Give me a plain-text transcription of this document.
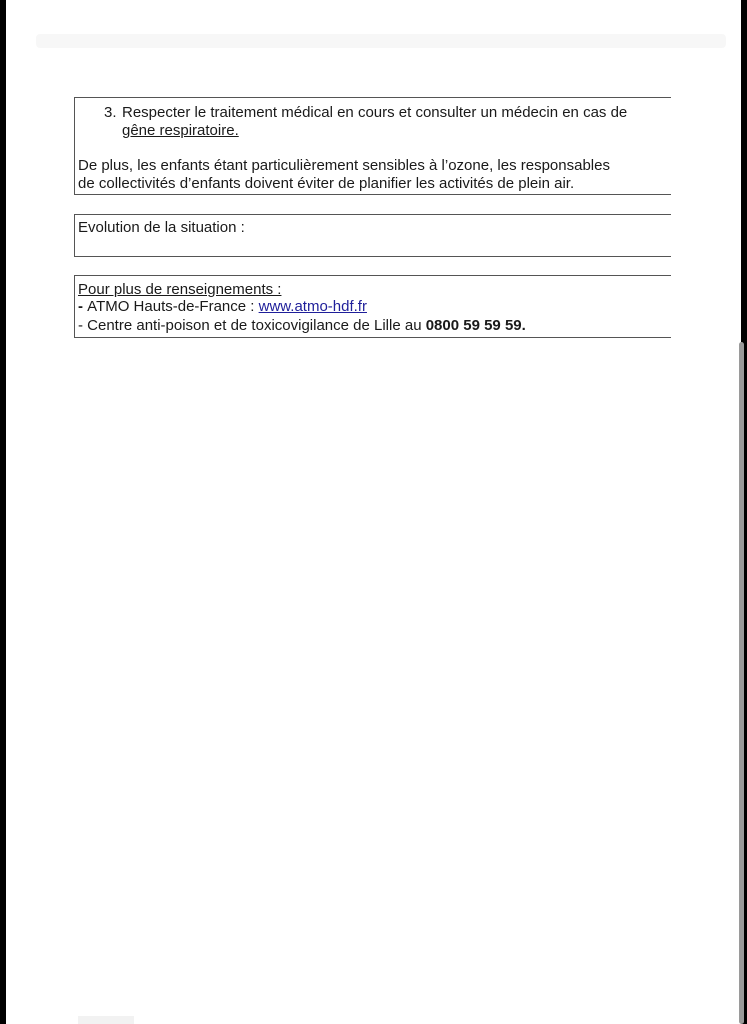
3. Respecter le traitement médical en cours et consulter un médecin en cas de
gêne respiratoire.
De plus, les enfants étant particulièrement sensibles à l’ozone, les responsables
de collectivités d’enfants doivent éviter de planifier les activités de plein air.
Evolution de la situation :
Pour plus de renseignements :
- ATMO Hauts-de-France : www.atmo-hdf.fr
- Centre anti-poison et de toxicovigilance de Lille au 0800 59 59 59.
